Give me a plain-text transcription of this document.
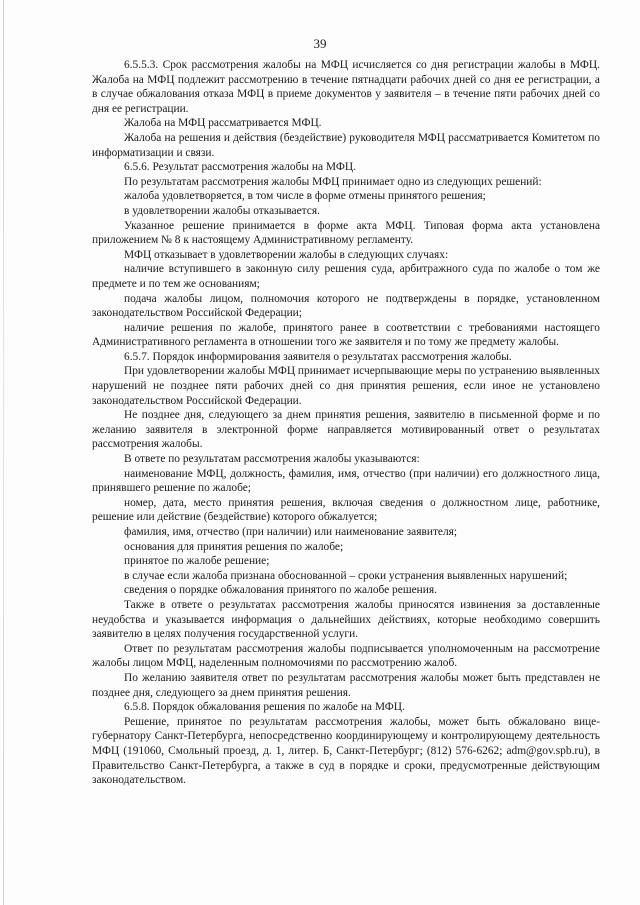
39

6.5.5.3. Срок рассмотрения жалобы на МФЦ исчисляется со дня регистрации жалобы в МФЦ. Жалоба на МФЦ подлежит рассмотрению в течение пятнадцати рабочих дней со дня ее регистрации, а в случае обжалования отказа МФЦ в приеме документов у заявителя – в течение пяти рабочих дней со дня ее регистрации.

Жалоба на МФЦ рассматривается МФЦ.

Жалоба на решения и действия (бездействие) руководителя МФЦ рассматривается Комитетом по информатизации и связи.

6.5.6. Результат рассмотрения жалобы на МФЦ.

По результатам рассмотрения жалобы МФЦ принимает одно из следующих решений:

жалоба удовлетворяется, в том числе в форме отмены принятого решения;

в удовлетворении жалобы отказывается.

Указанное решение принимается в форме акта МФЦ. Типовая форма акта установлена приложением № 8 к настоящему Административному регламенту.

МФЦ отказывает в удовлетворении жалобы в следующих случаях:

наличие вступившего в законную силу решения суда, арбитражного суда по жалобе о том же предмете и по тем же основаниям;

подача жалобы лицом, полномочия которого не подтверждены в порядке, установленном законодательством Российской Федерации;

наличие решения по жалобе, принятого ранее в соответствии с требованиями настоящего Административного регламента в отношении того же заявителя и по тому же предмету жалобы.

6.5.7. Порядок информирования заявителя о результатах рассмотрения жалобы.

При удовлетворении жалобы МФЦ принимает исчерпывающие меры по устранению выявленных нарушений не позднее пяти рабочих дней со дня принятия решения, если иное не установлено законодательством Российской Федерации.

Не позднее дня, следующего за днем принятия решения, заявителю в письменной форме и по желанию заявителя в электронной форме направляется мотивированный ответ о результатах рассмотрения жалобы.

В ответе по результатам рассмотрения жалобы указываются:

наименование МФЦ, должность, фамилия, имя, отчество (при наличии) его должностного лица, принявшего решение по жалобе;

номер, дата, место принятия решения, включая сведения о должностном лице, работнике, решение или действие (бездействие) которого обжалуется;

фамилия, имя, отчество (при наличии) или наименование заявителя;

основания для принятия решения по жалобе;

принятое по жалобе решение;

в случае если жалоба признана обоснованной – сроки устранения выявленных нарушений;

сведения о порядке обжалования принятого по жалобе решения.

Также в ответе о результатах рассмотрения жалобы приносятся извинения за доставленные неудобства и указывается информация о дальнейших действиях, которые необходимо совершить заявителю в целях получения государственной услуги.

Ответ по результатам рассмотрения жалобы подписывается уполномоченным на рассмотрение жалобы лицом МФЦ, наделенным полномочиями по рассмотрению жалоб.

По желанию заявителя ответ по результатам рассмотрения жалобы может быть представлен не позднее дня, следующего за днем принятия решения.

6.5.8. Порядок обжалования решения по жалобе на МФЦ.

Решение, принятое по результатам рассмотрения жалобы, может быть обжаловано вице-губернатору Санкт-Петербурга, непосредственно координирующему и контролирующему деятельность МФЦ (191060, Смольный проезд, д. 1, литер. Б, Санкт-Петербург; (812) 576-6262; adm@gov.spb.ru), в Правительство Санкт-Петербурга, а также в суд в порядке и сроки, предусмотренные действующим законодательством.
